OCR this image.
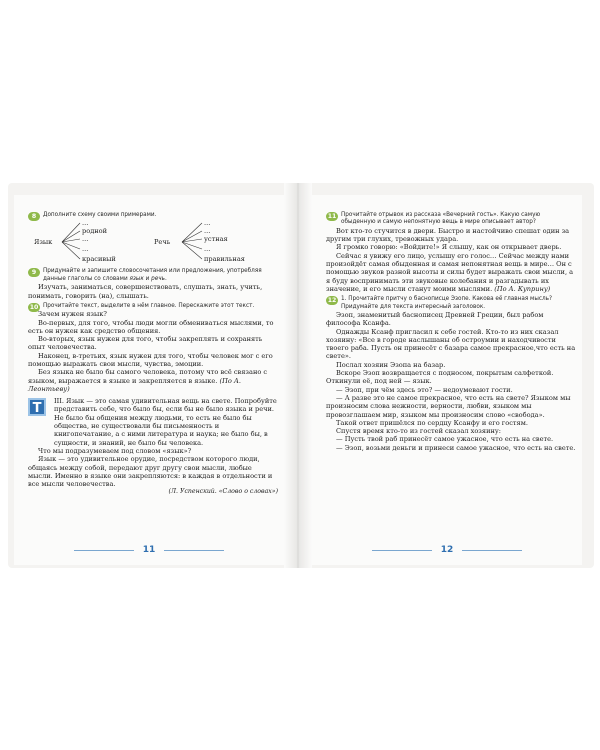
8	Дополните схему своими примерами.
Язык
...
родной
...
...
красивый
Речь
...
...
устная
...
правильная
9	Придумайте и запишите словосочетания или предложения, употребляя данные глаголы со словами язык и речь.

Изучать, заниматься, совершенствовать, слушать, знать, учить, понимать, говорить (на), слышать.

10 Прочитайте текст, выделите в нём главное. Перескажите этот текст.

Зачем нужен язык?

Во-первых, для того, чтобы люди могли обмениваться мыслями, то есть он нужен как средство общения.

Во-вторых, язык нужен для того, чтобы закреплять и сохранять опыт человечества.

Наконец, в-третьих, язык нужен для того, чтобы человек мог с его помощью выражать свои мысли, чувства, эмоции.

Без языка не было бы самого человека, потому что всё связано с языком, выражается в языке и закрепляется в языке. (По А. Леонтьеву)

Т	III. Язык — это самая удивительная вещь на свете. Попробуйте представить себе, что было бы, если бы не было языка и речи. Не было бы общения между людьми, то есть не было бы общества, не существовали бы письменность и книгопечатание, а с ними литература и наука; не было бы, в сущности, и знаний, не было бы человека.

Что мы подразумеваем под словом «язык»?

Язык — это удивительное орудие, посредством которого люди, общаясь между собой, передают друг другу свои мысли, любые мысли. Именно в языке они закрепляются: в каждая в отдельности и все мысли человечества.

(Л. Успенский. «Слово о словах»)

11
11 Прочитайте отрывок из рассказа «Вечерний гость». Какую самую обыденную и самую непонятную вещь в мире описывает автор?

Вот кто-то стучится в двери. Быстро и настойчиво спешат один за другим три глухих, тревожных удара.

Я громко говорю: «Войдите!» Я слышу, как он открывает дверь.

Сейчас я увижу его лицо, услышу его голос… Сейчас между нами произойдёт самая обыденная и самая непонятная вещь в мире… Он с помощью звуков разной высоты и силы будет выражать свои мысли, а я буду воспринимать эти звуковые колебания и разгадывать их значение, и его мысли станут моими мыслями. (По А. Куприну)

12 1. Прочитайте притчу о баснописце Эзопе. Какова её главная мысль? Придумайте для текста интересный заголовок.

Эзоп, знаменитый баснописец Древней Греции, был рабом философа Ксанфа.

Однажды Ксанф пригласил к себе гостей. Кто-то из них сказал хозяину: «Все в городе наслышаны об остроумии и находчивости твоего раба. Пусть он принесёт с базара самое прекрасное,что есть на свете».

Послал хозяин Эзопа на базар.

Вскоре Эзоп возвращается с подносом, покрытым салфеткой. Откинули её, под ней — язык.

— Эзоп, при чём здесь это? — недоумевают гости.

— А разве это не самое прекрасное, что есть на свете? Языком мы произносим слова нежности, верности, любви, языком мы провозглашаем мир, языком мы произносим слово «свобода».

Такой ответ пришёлся по сердцу Ксанфу и его гостям.

Спустя время кто-то из гостей сказал хозяину:

— Пусть твой раб принесёт самое ужасное, что есть на свете.

— Эзоп, возьми деньги и принеси самое ужасное, что есть на свете.

12
